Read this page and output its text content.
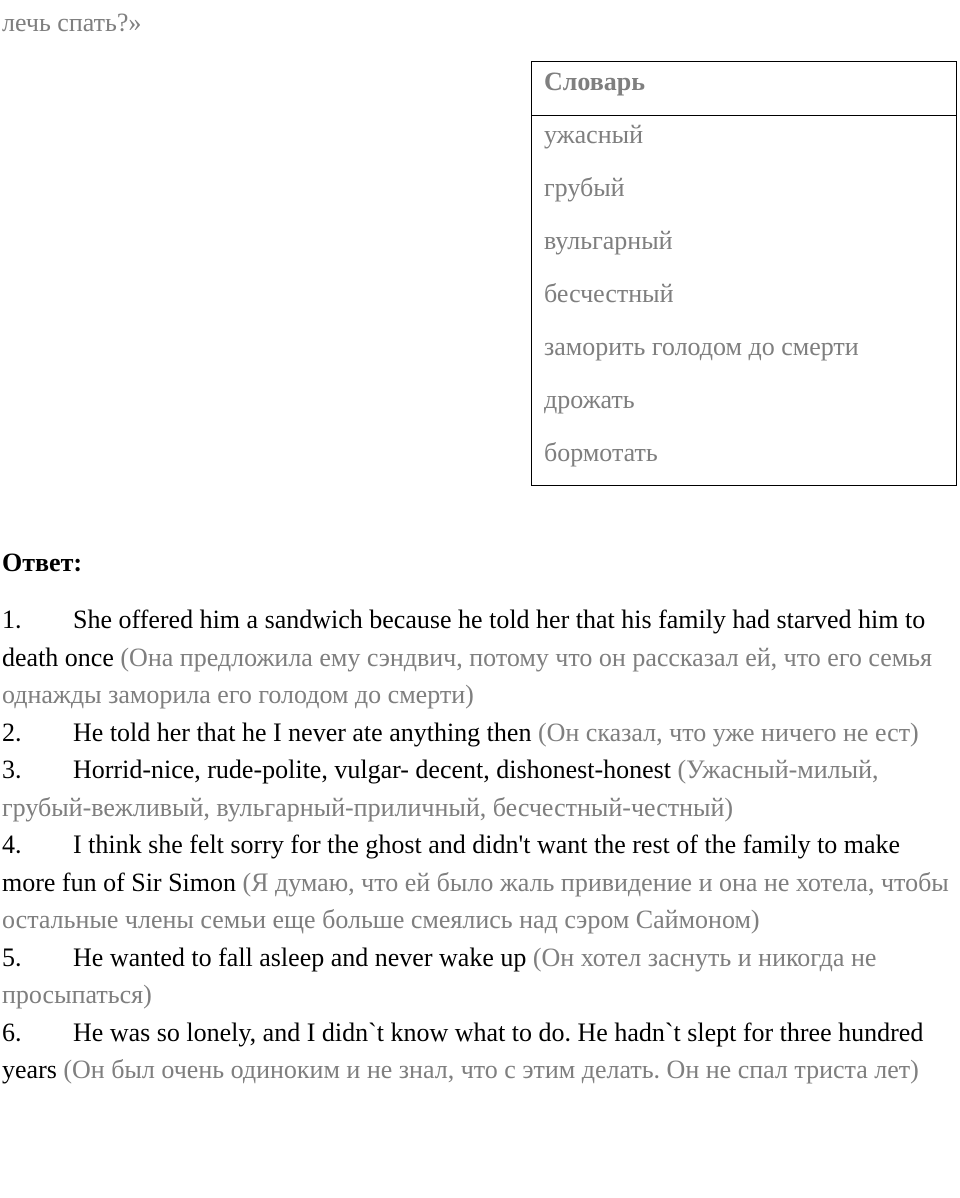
лечь спать?»

Словарь
ужасный
грубый
вульгарный
бесчестный
заморить голодом до смерти
дрожать
бормотать

Ответ:

1. She offered him a sandwich because he told her that his family had starved him to death once (Она предложила ему сэндвич, потому что он рассказал ей, что его семья однажды заморила его голодом до смерти)
2. He told her that he I never ate anything then (Он сказал, что уже ничего не ест)
3. Horrid-nice, rude-polite, vulgar- decent, dishonest-honest (Ужасный-милый, грубый-вежливый, вульгарный-приличный, бесчестный-честный)
4. I think she felt sorry for the ghost and didn't want the rest of the family to make more fun of Sir Simon (Я думаю, что ей было жаль привидение и она не хотела, чтобы остальные члены семьи еще больше смеялись над сэром Саймоном)
5. He wanted to fall asleep and never wake up (Он хотел заснуть и никогда не просыпаться)
6. He was so lonely, and I didn`t know what to do. He hadn`t slept for three hundred years (Он был очень одиноким и не знал, что с этим делать. Он не спал триста лет)
